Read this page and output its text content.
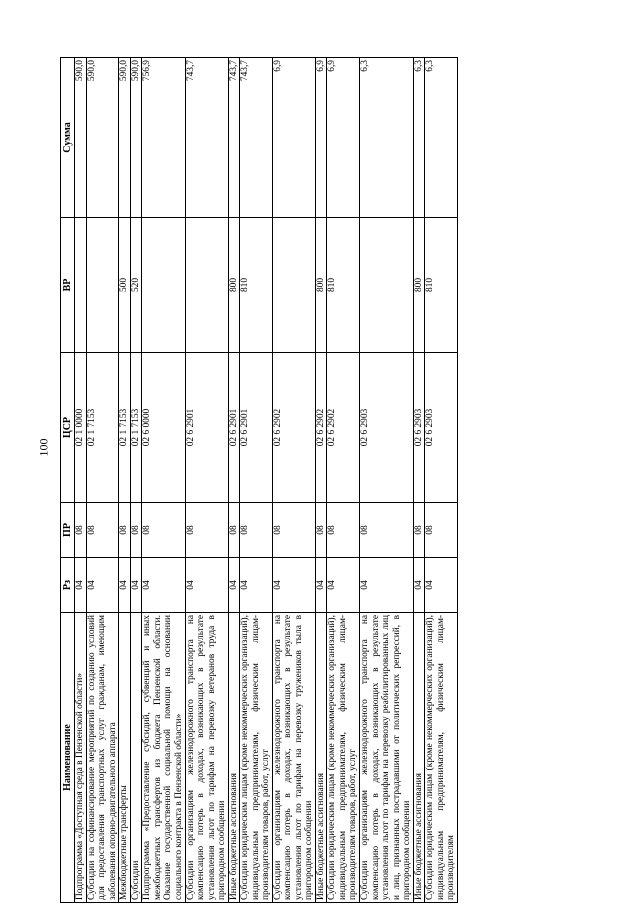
100
Наименование	Рз	ПР	ЦСР	ВР	Сумма
Подпрограмма «Доступная среда в Пензенской области»	04	08	02 1 0000		590,0
Субсидии на софинансирование мероприятий по созданию условий для предоставления транспортных услуг гражданам, имеющим заболевания опорно-двигательного аппарата	04	08	02 1 7153		590,0
Межбюджетные трансферты	04	08	02 1 7153	500	590,0
Субсидии	04	08	02 1 7153	520	590,0
Подпрограмма «Предоставление субсидий, субвенций и иных межбюджетных трансфертов из бюджета Пензенской области. Оказание государственной социальной помощи на основании социального контракта в Пензенской области»	04	08	02 6 0000		756,9
Субсидии организациям железнодорожного транспорта на компенсацию потерь в доходах, возникающих в результате установления льгот по тарифам на перевозку ветеранов труда в пригородном сообщении	04	08	02 6 2901		743,7
Иные бюджетные ассигнования	04	08	02 6 2901	800	743,7
Субсидии юридическим лицам (кроме некоммерческих организаций), индивидуальным предпринимателям, физическим лицам-производителям товаров, работ, услуг	04	08	02 6 2901	810	743,7
Субсидии организациям железнодорожного транспорта на компенсацию потерь в доходах, возникающих в результате установления льгот по тарифам на перевозку тружеников тыла в пригородном сообщении	04	08	02 6 2902		6,9
Иные бюджетные ассигнования	04	08	02 6 2902	800	6,9
Субсидии юридическим лицам (кроме некоммерческих организаций), индивидуальным предпринимателям, физическим лицам-производителям товаров, работ, услуг	04	08	02 6 2902	810	6,9
Субсидии организациям железнодорожного транспорта на компенсацию потерь в доходах, возникающих в результате установления льгот по тарифам на перевозку реабилитированных лиц и лиц, признанных пострадавшими от политических репрессий, в пригородном сообщении	04	08	02 6 2903		6,3
Иные бюджетные ассигнования	04	08	02 6 2903	800	6,3
Субсидии юридическим лицам (кроме некоммерческих организаций), индивидуальным предпринимателям, физическим лицам-производителям	04	08	02 6 2903	810	6,3
